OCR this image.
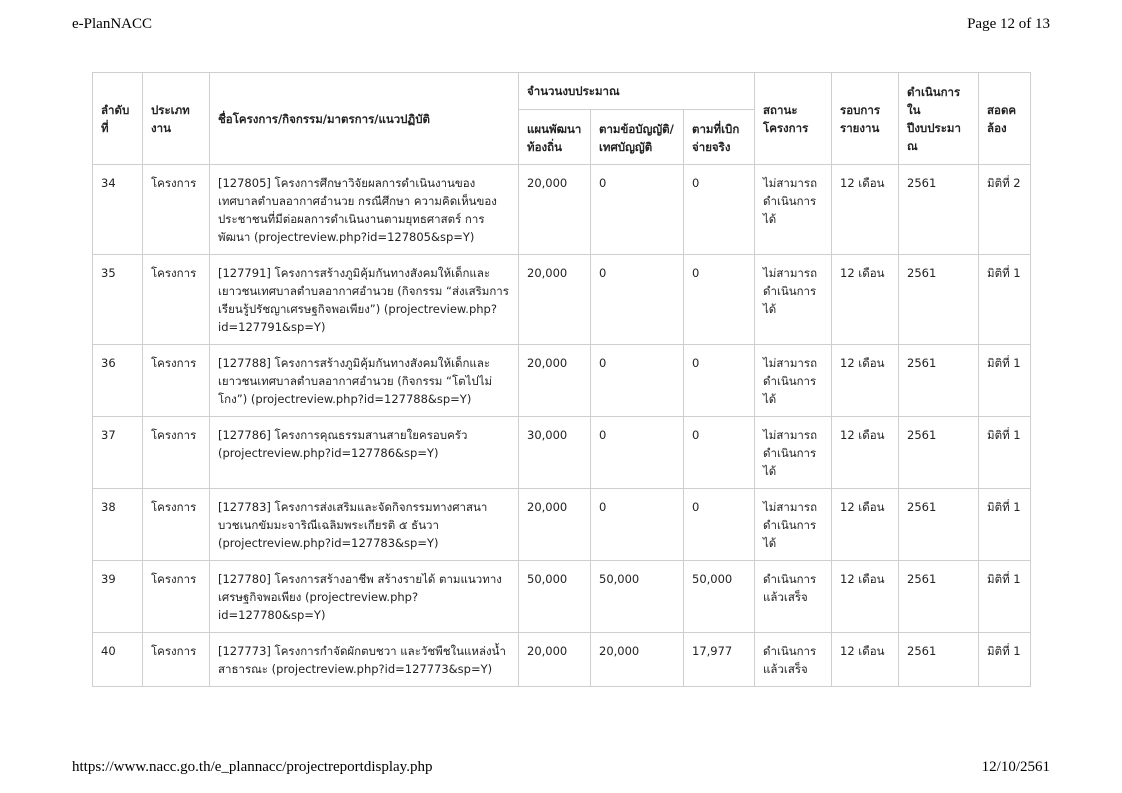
e-PlanNACC	Page 12 of 13
ลำดับที่	ประเภทงาน	ชื่อโครงการ/กิจกรรม/มาตรการ/แนวปฏิบัติ	จำนวนงบประมาณ			สถานะโครงการ	รอบการรายงาน	ดำเนินการในปีงบประมาณ	สอดคล้อง
			แผนพัฒนาท้องถิ่น	ตามข้อบัญญัติ/เทศบัญญัติ	ตามที่เบิกจ่ายจริง				
34	โครงการ	[127805] โครงการศึกษาวิจัยผลการดำเนินงานของเทศบาลตำบลอากาศอำนวย กรณีศึกษา ความคิดเห็นของประชาชนที่มีต่อผลการดำเนินงานตามยุทธศาสตร์ การพัฒนา (projectreview.php?id=127805&sp=Y)	20,000	0	0	ไม่สามารถดำเนินการได้	12 เดือน	2561	มิติที่ 2
35	โครงการ	[127791] โครงการสร้างภูมิคุ้มกันทางสังคมให้เด็กและเยาวชนเทศบาลตำบลอากาศอำนวย (กิจกรรม “ส่งเสริมการเรียนรู้ปรัชญาเศรษฐกิจพอเพียง”) (projectreview.php?id=127791&sp=Y)	20,000	0	0	ไม่สามารถดำเนินการได้	12 เดือน	2561	มิติที่ 1
36	โครงการ	[127788] โครงการสร้างภูมิคุ้มกันทางสังคมให้เด็กและเยาวชนเทศบาลตำบลอากาศอำนวย (กิจกรรม “โตไปไม่โกง”) (projectreview.php?id=127788&sp=Y)	20,000	0	0	ไม่สามารถดำเนินการได้	12 เดือน	2561	มิติที่ 1
37	โครงการ	[127786] โครงการคุณธรรมสานสายใยครอบครัว (projectreview.php?id=127786&sp=Y)	30,000	0	0	ไม่สามารถดำเนินการได้	12 เดือน	2561	มิติที่ 1
38	โครงการ	[127783] โครงการส่งเสริมและจัดกิจกรรมทางศาสนา บวชเนกขัมมะจาริณีเฉลิมพระเกียรติ ๕ ธันวา (projectreview.php?id=127783&sp=Y)	20,000	0	0	ไม่สามารถดำเนินการได้	12 เดือน	2561	มิติที่ 1
39	โครงการ	[127780] โครงการสร้างอาชีพ สร้างรายได้ ตามแนวทางเศรษฐกิจพอเพียง (projectreview.php?id=127780&sp=Y)	50,000	50,000	50,000	ดำเนินการแล้วเสร็จ	12 เดือน	2561	มิติที่ 1
40	โครงการ	[127773] โครงการกำจัดผักตบชวา และวัชพืชในแหล่งน้ำสาธารณะ (projectreview.php?id=127773&sp=Y)	20,000	20,000	17,977	ดำเนินการแล้วเสร็จ	12 เดือน	2561	มิติที่ 1
https://www.nacc.go.th/e_plannacc/projectreportdisplay.php	12/10/2561
